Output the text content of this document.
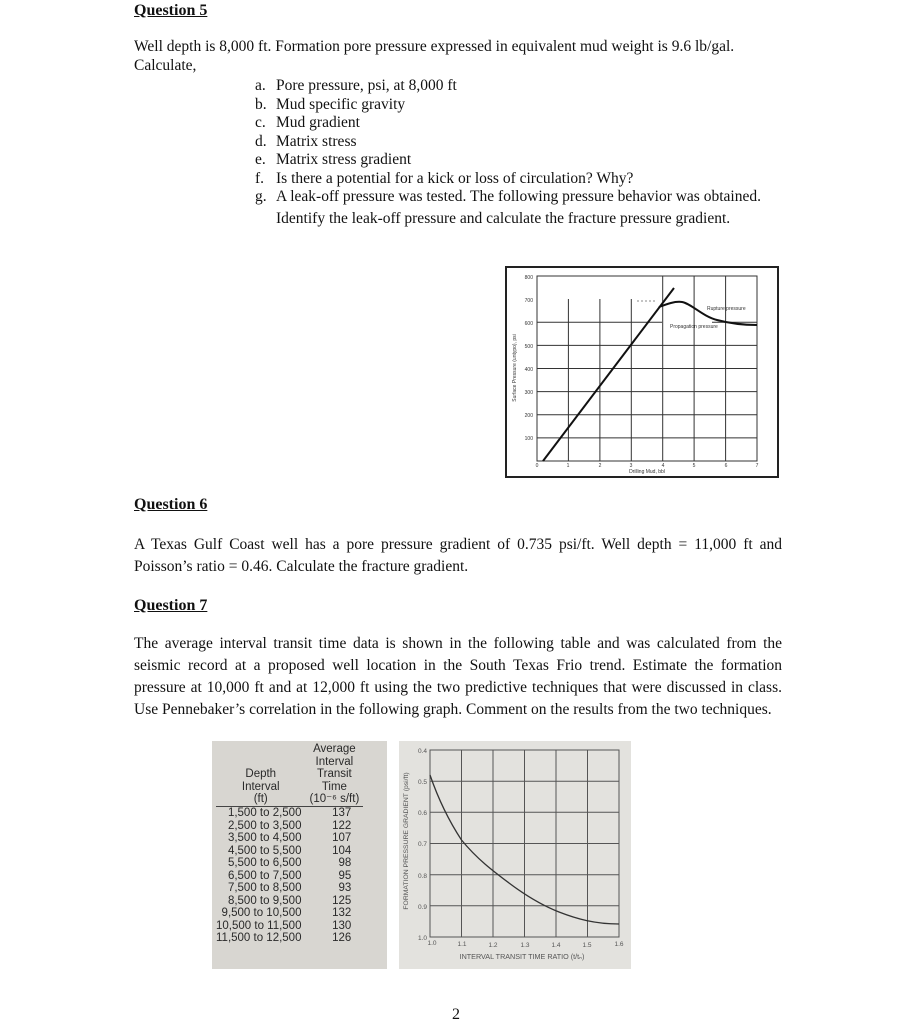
Question 5
Well depth is 8,000 ft. Formation pore pressure expressed in equivalent mud weight is 9.6 lb/gal.
Calculate,
a. Pore pressure, psi, at 8,000 ft
b. Mud specific gravity
c. Mud gradient
d. Matrix stress
e. Matrix stress gradient
f. Is there a potential for a kick or loss of circulation? Why?
g. A leak-off pressure was tested. The following pressure behavior was obtained. Identify the leak-off pressure and calculate the fracture pressure gradient.
100
200
300
400
500
600
700
800
0	1	2	3	4	5	6	7
Drilling Mud, bbl
Surface Pressure (untypo), psi
Rupture pressure
Propagation pressure
Question 6
A Texas Gulf Coast well has a pore pressure gradient of 0.735 psi/ft. Well depth = 11,000 ft and Poisson’s ratio = 0.46. Calculate the fracture gradient.
Question 7
The average interval transit time data is shown in the following table and was calculated from the seismic record at a proposed well location in the South Texas Frio trend. Estimate the formation pressure at 10,000 ft and at 12,000 ft using the two predictive techniques that were discussed in class. Use Pennebaker’s correlation in the following graph. Comment on the results from the two techniques.
Depth
Interval
(ft)

Average
Interval
Transit
Time
(10⁻⁶ s/ft)

1,500 to 2,500	137
2,500 to 3,500	122
3,500 to 4,500	107
4,500 to 5,500	104
5,500 to 6,500	98
6,500 to 7,500	95
7,500 to 8,500	93
8,500 to 9,500	125
9,500 to 10,500	132
10,500 to 11,500	130
11,500 to 12,500	126
0.4
0.5
0.6
0.7
0.8
0.9
1.0
1.0	1.1	1.2	1.3	1.4	1.5	1.6
INTERVAL TRANSIT TIME RATIO (t/tₙ)
FORMATION PRESSURE GRADIENT (psi/ft)
2
